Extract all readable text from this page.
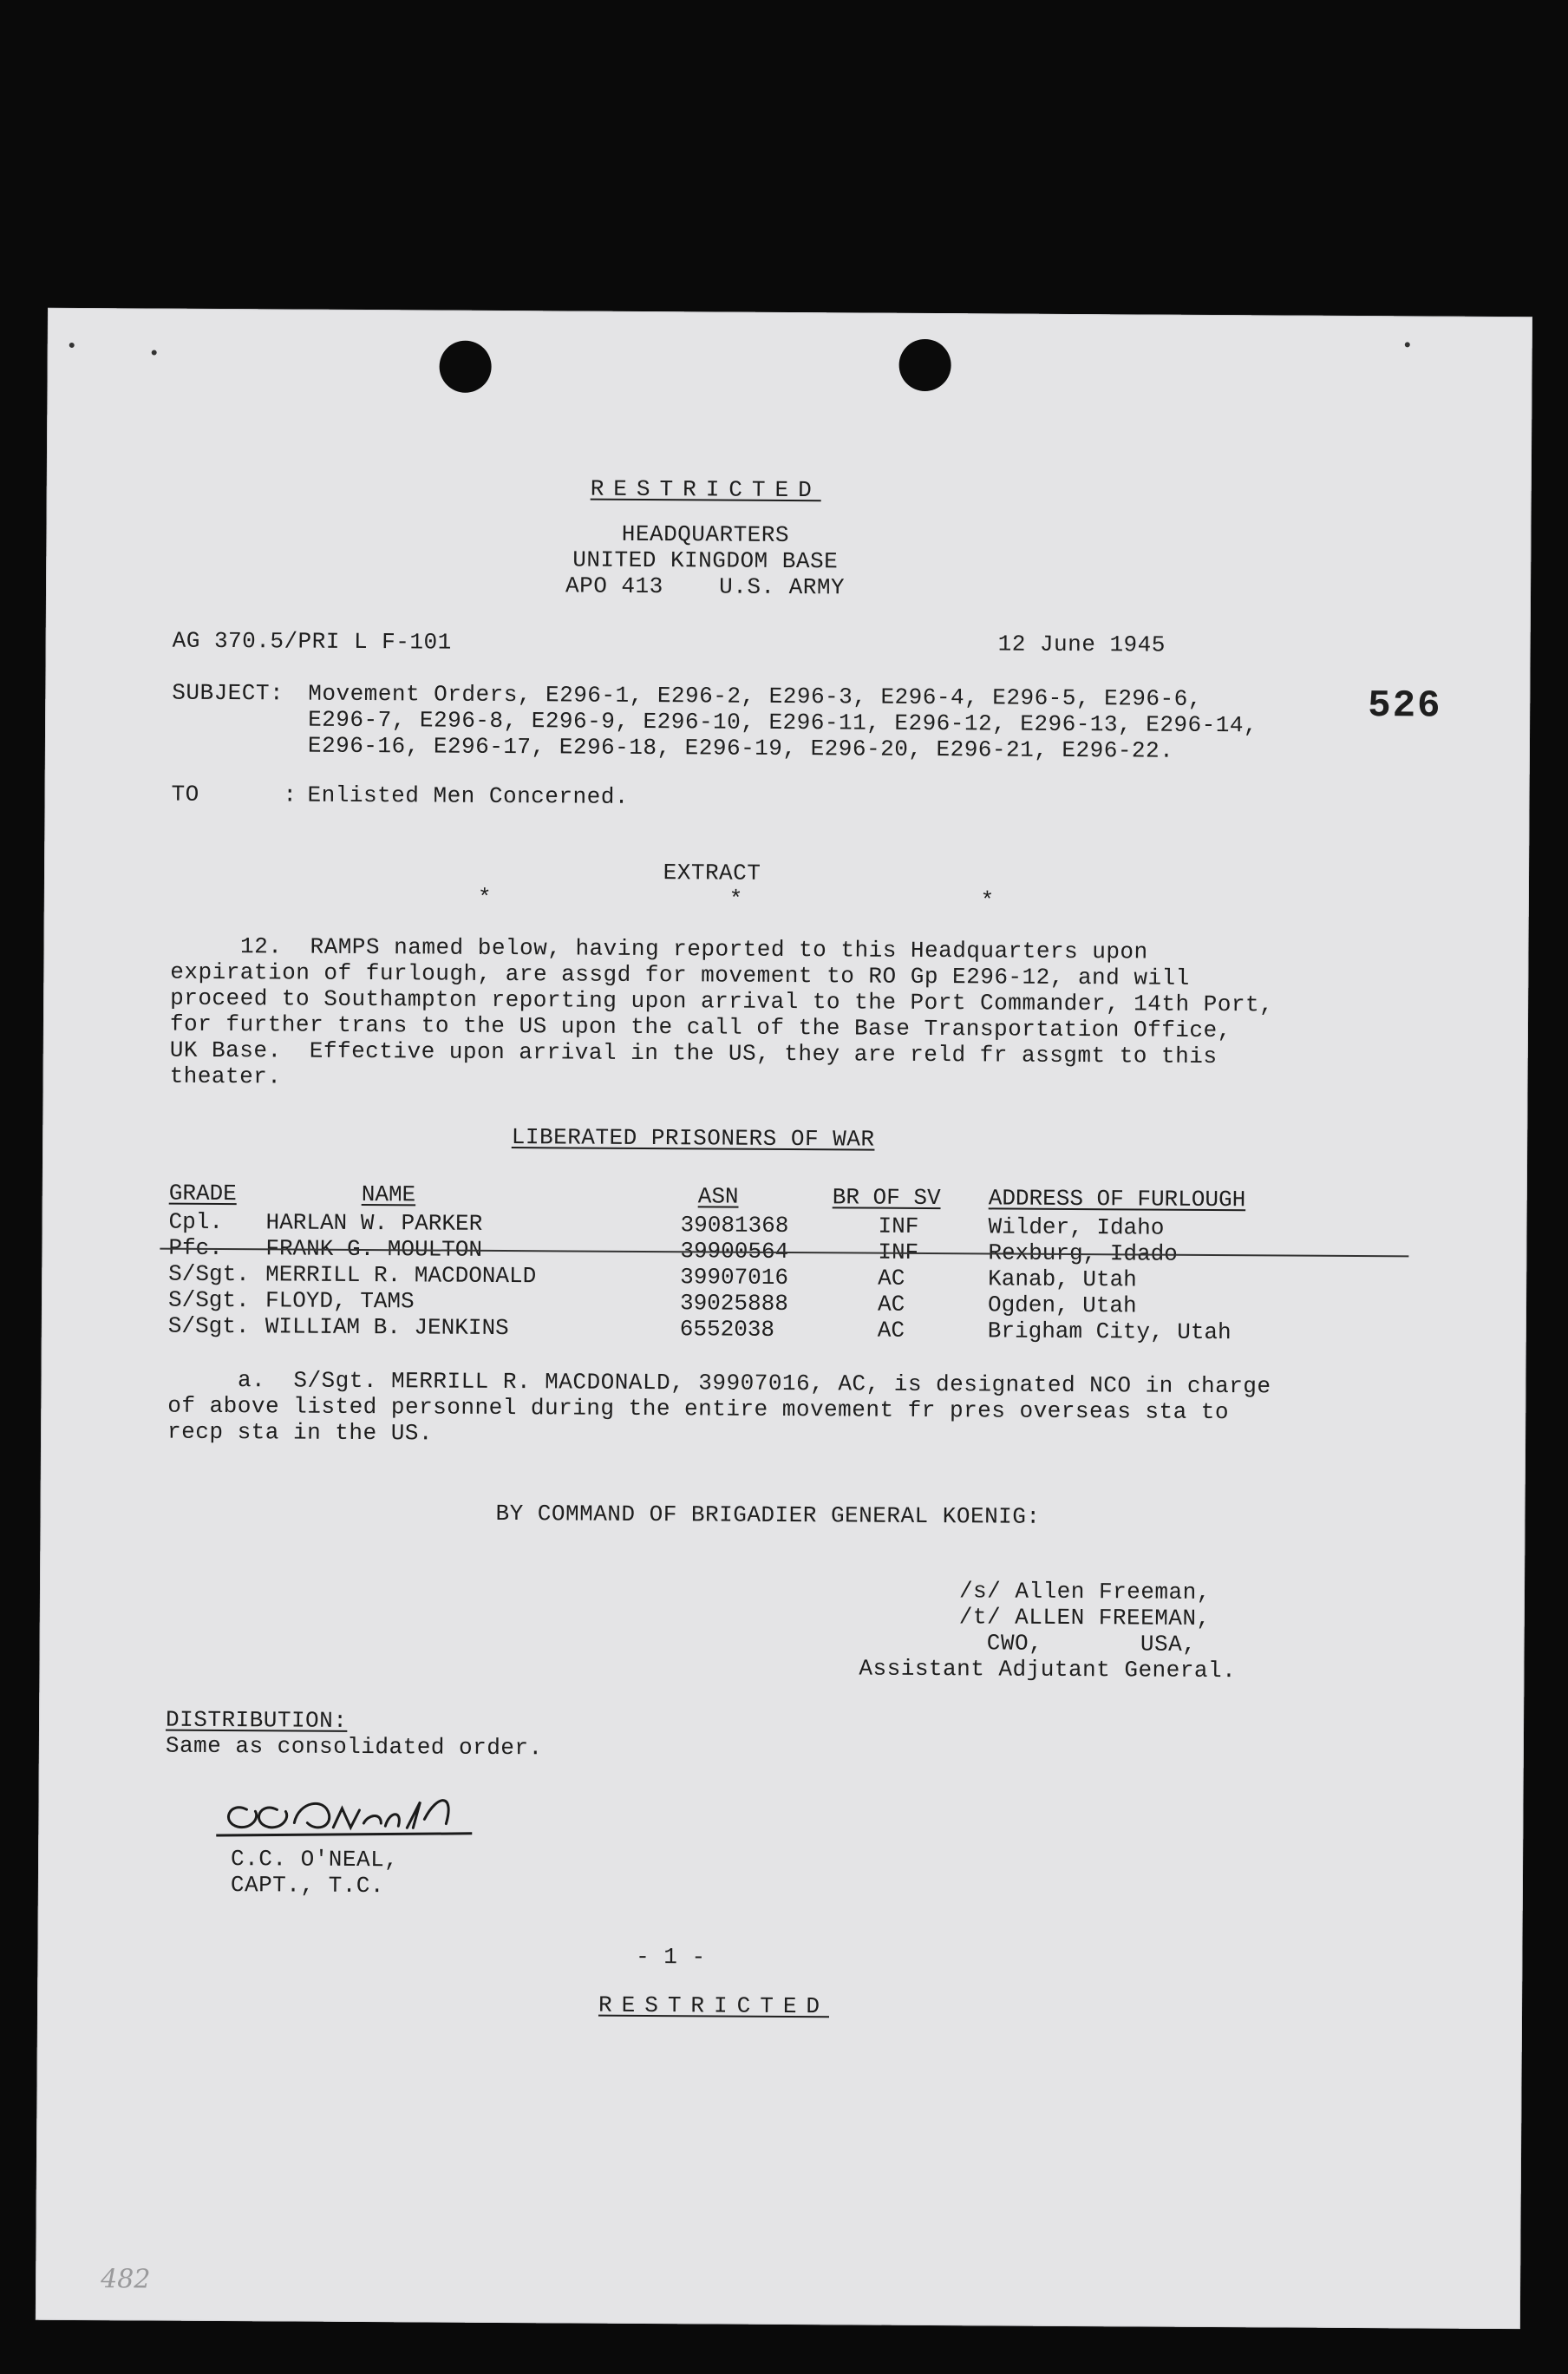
RESTRICTED
HEADQUARTERS
UNITED KINGDOM BASE
APO 413    U.S. ARMY
AG 370.5/PRI L F-101	12 June 1945
526
SUBJECT: Movement Orders, E296-1, E296-2, E296-3, E296-4, E296-5, E296-6,
E296-7, E296-8, E296-9, E296-10, E296-11, E296-12, E296-13, E296-14,
E296-16, E296-17, E296-18, E296-19, E296-20, E296-21, E296-22.
TO      : Enlisted Men Concerned.
EXTRACT
*                 *                 *
12.  RAMPS named below, having reported to this Headquarters upon
expiration of furlough, are assgd for movement to RO Gp E296-12, and will
proceed to Southampton reporting upon arrival to the Port Commander, 14th Port,
for further trans to the US upon the call of the Base Transportation Office,
UK Base.  Effective upon arrival in the US, they are reld fr assgmt to this
theater.
LIBERATED PRISONERS OF WAR
GRADE	NAME	ASN	BR OF SV ADDRESS OF FURLOUGH
Cpl. HARLAN W. PARKER	39081368	INF	Wilder, Idaho
Pfc. FRANK G. MOULTON	39900564	INF	Rexburg, Idado
S/Sgt. MERRILL R. MACDONALD	39907016	AC	Kanab, Utah
S/Sgt. FLOYD, TAMS	39025888	AC	Ogden, Utah
S/Sgt. WILLIAM B. JENKINS	6552038	AC	Brigham City, Utah
a.  S/Sgt. MERRILL R. MACDONALD, 39907016, AC, is designated NCO in charge
of above listed personnel during the entire movement fr pres overseas sta to
recp sta in the US.
BY COMMAND OF BRIGADIER GENERAL KOENIG:
/s/ Allen Freeman,
/t/ ALLEN FREEMAN,
CWO,       USA,
Assistant Adjutant General.
DISTRIBUTION:
Same as consolidated order.
C.C. O'NEAL,
CAPT., T.C.
- 1 -
RESTRICTED
482
